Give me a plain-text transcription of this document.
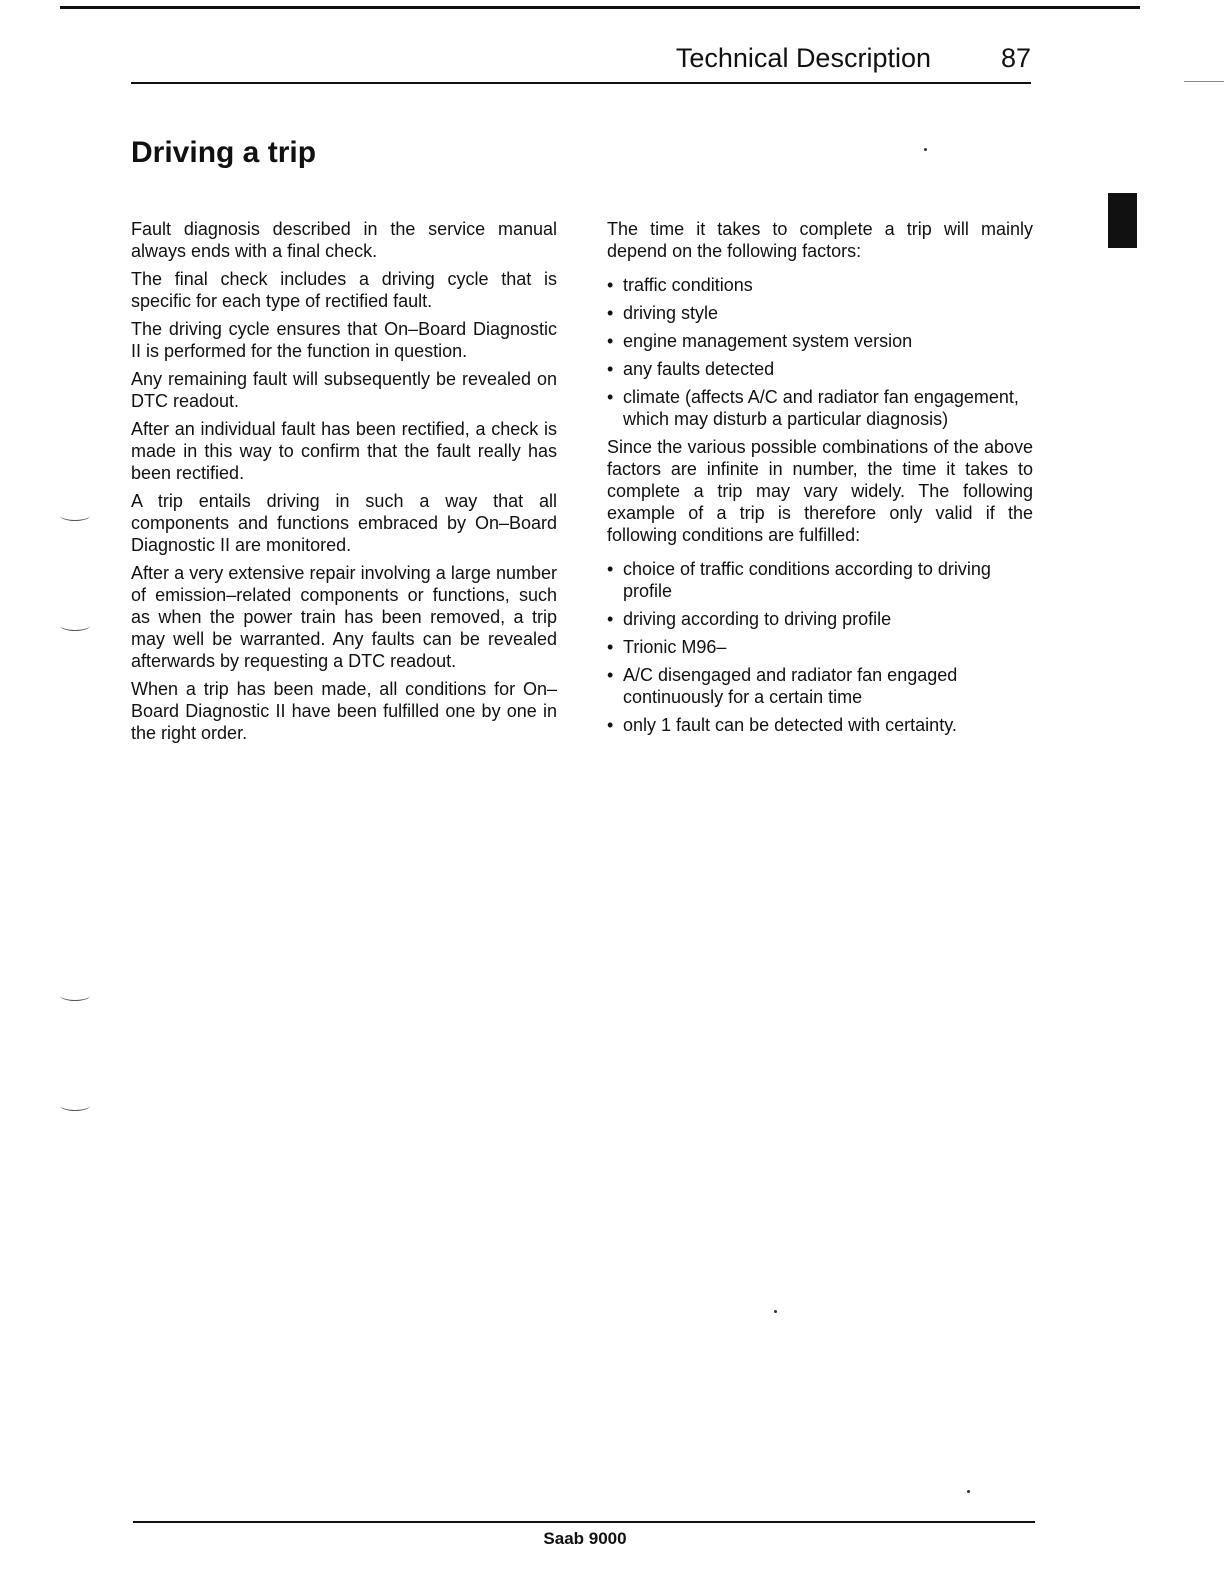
Technical Description	87
Driving a trip

Fault diagnosis described in the service manual always ends with a final check.

The final check includes a driving cycle that is specific for each type of rectified fault.

The driving cycle ensures that On–Board Diagnostic II is performed for the function in question.

Any remaining fault will subsequently be revealed on DTC readout.

After an individual fault has been rectified, a check is made in this way to confirm that the fault really has been rectified.

A trip entails driving in such a way that all components and functions embraced by On–Board Diagnostic II are monitored.

After a very extensive repair involving a large number of emission–related components or functions, such as when the power train has been removed, a trip may well be warranted. Any faults can be revealed afterwards by requesting a DTC readout.

When a trip has been made, all conditions for On–Board Diagnostic II have been fulfilled one by one in the right order.

The time it takes to complete a trip will mainly depend on the following factors:

• traffic conditions
• driving style
• engine management system version
• any faults detected
• climate (affects A/C and radiator fan engagement, which may disturb a particular diagnosis)

Since the various possible combinations of the above factors are infinite in number, the time it takes to complete a trip may vary widely. The following example of a trip is therefore only valid if the following conditions are fulfilled:

• choice of traffic conditions according to driving profile
• driving according to driving profile
• Trionic M96–
• A/C disengaged and radiator fan engaged continuously for a certain time
• only 1 fault can be detected with certainty.
Saab 9000
